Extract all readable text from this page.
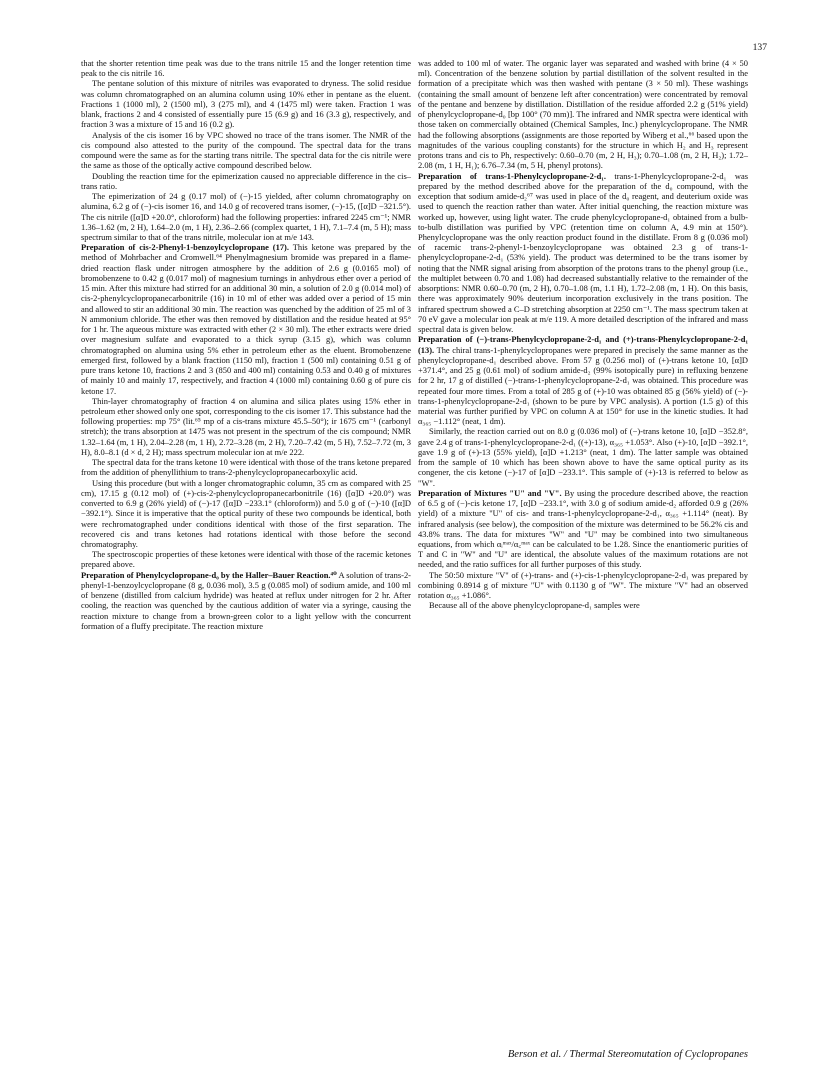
137

that the shorter retention time peak was due to the trans nitrile 15 and the longer retention time peak to the cis nitrile 16.

The pentane solution of this mixture of nitriles was evaporated to dryness. The solid residue was column chromatographed on an alumina column using 10% ether in pentane as the eluent. Fractions 1 (1000 ml), 2 (1500 ml), 3 (275 ml), and 4 (1475 ml) were taken. Fraction 1 was blank, fractions 2 and 4 consisted of essentially pure 15 (6.9 g) and 16 (3.3 g), respectively, and fraction 3 was a mixture of 15 and 16 (0.2 g).

Analysis of the cis isomer 16 by VPC showed no trace of the trans isomer. The NMR of the cis compound also attested to the purity of the compound. The spectral data for the trans compound were the same as for the starting trans nitrile. The spectral data for the cis nitrile were the same as those of the optically active compound described below.

Doubling the reaction time for the epimerization caused no appreciable difference in the cis–trans ratio.

The epimerization of 24 g (0.17 mol) of (−)-15 yielded, after column chromatography on alumina, 6.2 g of (−)-cis isomer 16, and 14.0 g of recovered trans isomer, (−)-15, ([α]D −321.5°). The cis nitrile ([α]D +20.0°, chloroform) had the following properties: infrared 2245 cm⁻¹; NMR 1.36–1.62 (m, 2 H), 1.64–2.0 (m, 1 H), 2.36–2.66 (complex quartet, 1 H), 7.1–7.4 (m, 5 H); mass spectrum similar to that of the trans nitrile, molecular ion at m/e 143.

Preparation of cis-2-Phenyl-1-benzoylcyclopropane (17). This ketone was prepared by the method of Mohrbacher and Cromwell.⁶⁴ Phenylmagnesium bromide was prepared in a flame-dried reaction flask under nitrogen atmosphere by the addition of 2.6 g (0.0165 mol) of bromobenzene to 0.42 g (0.017 mol) of magnesium turnings in anhydrous ether over a period of 15 min. After this mixture had stirred for an additional 30 min, a solution of 2.0 g (0.014 mol) of cis-2-phenylcyclopropanecarbonitrile (16) in 10 ml of ether was added over a period of 15 min and allowed to stir an additional 30 min. The reaction was quenched by the addition of 25 ml of 3 N ammonium chloride. The ether was then removed by distillation and the residue heated at 95° for 1 hr. The aqueous mixture was extracted with ether (2 × 30 ml). The ether extracts were dried over magnesium sulfate and evaporated to a thick syrup (3.15 g), which was column chromatographed on alumina using 5% ether in petroleum ether as the eluent. Bromobenzene emerged first, followed by a blank fraction (1150 ml), fraction 1 (500 ml) containing 0.51 g of pure trans ketone 10, fractions 2 and 3 (850 and 400 ml) containing 0.53 and 0.40 g of mixtures of mainly 10 and mainly 17, respectively, and fraction 4 (1000 ml) containing 0.60 g of pure cis ketone 17.

Thin-layer chromatography of fraction 4 on alumina and silica plates using 15% ether in petroleum ether showed only one spot, corresponding to the cis isomer 17. This substance had the following properties: mp 75° (lit.⁶⁵ mp of a cis-trans mixture 45.5–50°); ir 1675 cm⁻¹ (carbonyl stretch); the trans absorption at 1475 was not present in the spectrum of the cis compound; NMR 1.32–1.64 (m, 1 H), 2.04–2.28 (m, 1 H), 2.72–3.28 (m, 2 H), 7.20–7.42 (m, 5 H), 7.52–7.72 (m, 3 H), 8.0–8.1 (d × d, 2 H); mass spectrum molecular ion at m/e 222.

The spectral data for the trans ketone 10 were identical with those of the trans ketone prepared from the addition of phenyllithium to trans-2-phenylcyclopropanecarboxylic acid.

Using this procedure (but with a longer chromatographic column, 35 cm as compared with 25 cm), 17.15 g (0.12 mol) of (+)-cis-2-phenylcyclopropanecarbonitrile (16) ([α]D +20.0°) was converted to 6.9 g (26% yield) of (−)-17 ([α]D −233.1° (chloroform)) and 5.0 g of (−)-10 ([α]D −392.1°). Since it is imperative that the optical purity of these two compounds be identical, both were rechromatographed under conditions identical with those of the first separation. The recovered cis and trans ketones had rotations identical with those before the second chromatography.

The spectroscopic properties of these ketones were identical with those of the racemic ketones prepared above.

Preparation of Phenylcyclopropane-d₀ by the Haller–Bauer Reaction.⁴⁰ A solution of trans-2-phenyl-1-benzoylcyclopropane (8 g, 0.036 mol), 3.5 g (0.085 mol) of sodium amide, and 100 ml of benzene (distilled from calcium hydride) was heated at reflux under nitrogen for 2 hr. After cooling, the reaction was quenched by the cautious addition of water via a syringe, causing the reaction mixture to change from a brown-green color to a light yellow with the concurrent formation of a fluffy precipitate. The reaction mixture

was added to 100 ml of water. The organic layer was separated and washed with brine (4 × 50 ml). Concentration of the benzene solution by partial distillation of the solvent resulted in the formation of a precipitate which was then washed with pentane (3 × 50 ml). These washings (containing the small amount of benzene left after concentration) were concentrated by removal of the pentane and benzene by distillation. Distillation of the residue afforded 2.2 g (51% yield) of phenylcyclopropane-d₀ [bp 100° (70 mm)]. The infrared and NMR spectra were identical with those taken on commercially obtained (Chemical Samples, Inc.) phenylcyclopropane. The NMR had the following absorptions (assignments are those reported by Wiberg et al.,⁶⁶ based upon the magnitudes of the various coupling constants) for the structure in which H₂ and H₃ represent protons trans and cis to Ph, respectively: 0.60–0.70 (m, 2 H, H₃); 0.70–1.08 (m, 2 H, H₂); 1.72–2.08 (m, 1 H, H₁); 6.76–7.34 (m, 5 H, phenyl protons).

Preparation of trans-1-Phenylcyclopropane-2-d₁. trans-1-Phenylcyclopropane-2-d₁ was prepared by the method described above for the preparation of the d₀ compound, with the exception that sodium amide-d₂⁶⁷ was used in place of the d₀ reagent, and deuterium oxide was used to quench the reaction rather than water. After initial quenching, the reaction mixture was worked up, however, using light water. The crude phenylcyclopropane-d₁ obtained from a bulb-to-bulb distillation was purified by VPC (retention time on column A, 4.9 min at 150°). Phenylcyclopropane was the only reaction product found in the distillate. From 8 g (0.036 mol) of racemic trans-2-phenyl-1-benzoylcyclopropane was obtained 2.3 g of trans-1-phenylcyclopropane-2-d₁ (53% yield). The product was determined to be the trans isomer by noting that the NMR signal arising from absorption of the protons trans to the phenyl group (i.e., the multiplet between 0.70 and 1.08) had decreased substantially relative to the remainder of the absorptions: NMR 0.60–0.70 (m, 2 H), 0.70–1.08 (m, 1.1 H), 1.72–2.08 (m, 1 H). On this basis, there was approximately 90% deuterium incorporation exclusively in the trans position. The infrared spectrum showed a C–D stretching absorption at 2250 cm⁻¹. The mass spectrum taken at 70 eV gave a molecular ion peak at m/e 119. A more detailed description of the infrared and mass spectral data is given below.

Preparation of (−)-trans-Phenylcyclopropane-2-d₁ and (+)-trans-Phenylcyclopropane-2-d₁ (13). The chiral trans-1-phenylcyclopropanes were prepared in precisely the same manner as the phenylcyclopropane-d₁ described above. From 57 g (0.256 mol) of (+)-trans ketone 10, [α]D +371.4°, and 25 g (0.61 mol) of sodium amide-d₂ (99% isotopically pure) in refluxing benzene for 2 hr, 17 g of distilled (−)-trans-1-phenylcyclopropane-2-d₁ was obtained. This procedure was repeated four more times. From a total of 285 g of (+)-10 was obtained 85 g (56% yield) of (−)-trans-1-phenylcyclopropane-2-d₁ (shown to be pure by VPC analysis). A portion (1.5 g) of this material was further purified by VPC on column A at 150° for use in the kinetic studies. It had α₃₆₅ −1.112° (neat, 1 dm).

Similarly, the reaction carried out on 8.0 g (0.036 mol) of (−)-trans ketone 10, [α]D −352.8°, gave 2.4 g of trans-1-phenylcyclopropane-2-d₁ ((+)-13), α₃₆₅ +1.053°. Also (+)-10, [α]D −392.1°, gave 1.9 g of (+)-13 (55% yield), [α]D +1.213° (neat, 1 dm). The latter sample was obtained from the sample of 10 which has been shown above to have the same optical purity as its congener, the cis ketone (−)-17 of [α]D −233.1°. This sample of (+)-13 is referred to below as "W".

Preparation of Mixtures "U" and "V". By using the procedure described above, the reaction of 6.5 g of (−)-cis ketone 17, [α]D −233.1°, with 3.0 g of sodium amide-d₂ afforded 0.9 g (26% yield) of a mixture "U" of cis- and trans-1-phenylcyclopropane-2-d₁, α₃₆₅ +1.114° (neat). By infrared analysis (see below), the composition of the mixture was determined to be 56.2% cis and 43.8% trans. The data for mixtures "W" and "U" may be combined into two simultaneous equations, from which αᵢᵐᵃˣ/α꜀ᵐᵃˣ can be calculated to be 1.28. Since the enantiomeric purities of T and C in "W" and "U" are identical, the absolute values of the maximum rotations are not needed, and the ratio suffices for all further purposes of this study.

The 50:50 mixture "V" of (+)-trans- and (+)-cis-1-phenylcyclopropane-2-d₁ was prepared by combining 0.8914 g of mixture "U" with 0.1130 g of "W". The mixture "V" had an observed rotation α₃₆₅ +1.086°.

Because all of the above phenylcyclopropane-d₁ samples were

Berson et al. / Thermal Stereomutation of Cyclopropanes
